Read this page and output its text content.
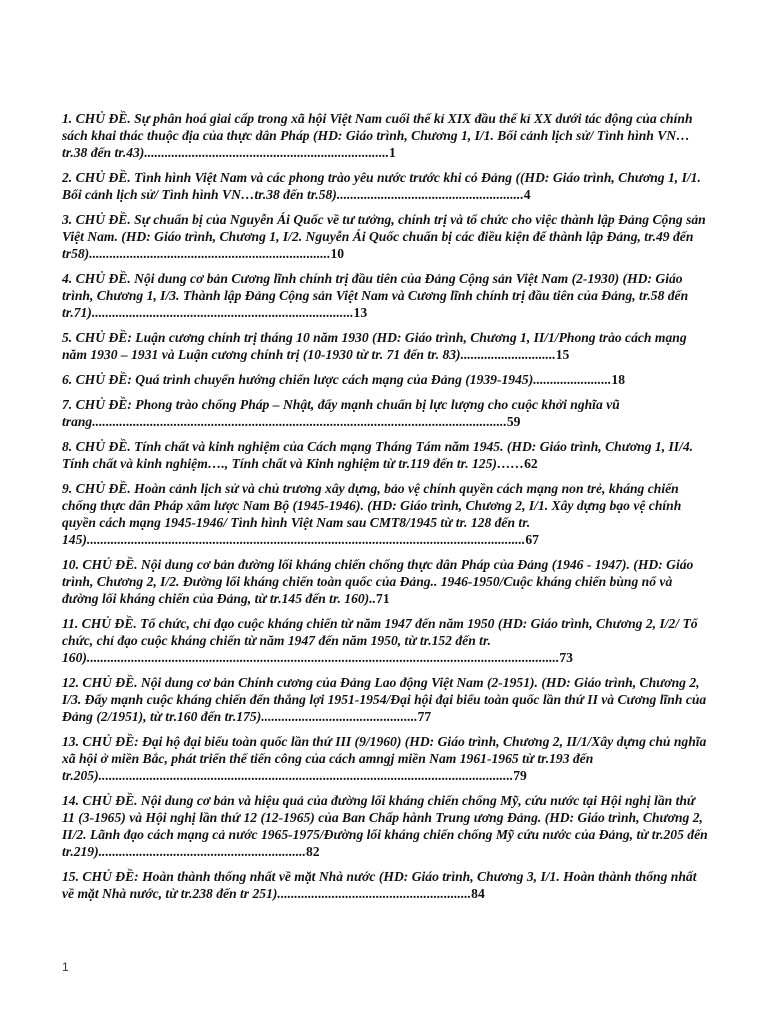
1. CHỦ ĐỀ. Sự phân hoá giai cấp trong xã hội Việt Nam cuối thế kỉ XIX đầu thế kỉ XX dưới tác động của chính sách khai thác thuộc địa của thực dân Pháp (HD: Giáo trình, Chương 1, I/1. Bối cảnh lịch sử/ Tình hình VN…tr.38 đến tr.43)........................................................................1

2. CHỦ ĐỀ. Tình hình Việt Nam và các phong trào yêu nước trước khi có Đảng ((HD: Giáo trình, Chương 1, I/1. Bối cảnh lịch sử/ Tình hình VN…tr.38 đến tr.58).......................................................4

3. CHỦ ĐỀ. Sự chuẩn bị của Nguyễn Ái Quốc về tư tưởng, chính trị và tổ chức cho việc thành lập Đảng Cộng sản Việt Nam. (HD: Giáo trình, Chương 1, I/2. Nguyễn Ái Quốc chuẩn bị các điều kiện để thành lập Đảng, tr.49 đến tr58).......................................................................10

4. CHỦ ĐỀ. Nội dung cơ bản Cương lĩnh chính trị đầu tiên của Đảng Cộng sản Việt Nam (2-1930) (HD: Giáo trình, Chương 1, I/3. Thành lập Đảng Cộng sản Việt Nam và Cương lĩnh chính trị đầu tiên của Đảng, tr.58 đến tr.71).............................................................................13

5. CHỦ ĐỀ: Luận cương chính trị tháng 10 năm 1930 (HD: Giáo trình, Chương 1, II/1/Phong trào cách mạng năm 1930 – 1931 và Luận cương chính trị (10-1930 từ tr. 71 đến tr. 83)............................15

6. CHỦ ĐỀ: Quá trình chuyển hướng chiến lược cách mạng của Đảng (1939-1945).......................18

7. CHỦ ĐỀ: Phong trào chống Pháp – Nhật, đẩy mạnh chuẩn bị lực lượng cho cuộc khởi nghĩa vũ trang..........................................................................................................................59

8. CHỦ ĐỀ. Tính chất và kinh nghiệm của Cách mạng Tháng Tám năm 1945. (HD: Giáo trình, Chương 1, II/4. Tính chất và kinh nghiệm…., Tính chất và Kinh nghiệm từ tr.119 đến tr. 125)……62

9. CHỦ ĐỀ. Hoàn cảnh lịch sử và chủ trương xây dựng, bảo vệ chính quyền cách mạng non trẻ, kháng chiến chống thực dân Pháp xâm lược Nam Bộ (1945-1946). (HD: Giáo trình, Chương 2, I/1. Xây dựng bạo vệ chính quyền cách mạng 1945-1946/ Tình hình Việt Nam sau CMT8/1945 từ tr. 128 đến tr. 145).................................................................................................................................67

10. CHỦ ĐỀ. Nội dung cơ bản đường lối kháng chiến chống thực dân Pháp của Đảng (1946 - 1947). (HD: Giáo trình, Chương 2, I/2. Đường lối kháng chiến toàn quốc của Đảng.. 1946-1950/Cuộc kháng chiến bùng nổ và đường lối kháng chiến của Đảng, từ tr.145 đến tr. 160)..71

11. CHỦ ĐỀ. Tổ chức, chỉ đạo cuộc kháng chiến từ năm 1947 đến năm 1950 (HD: Giáo trình, Chương 2, I/2/ Tổ chức, chỉ đạo cuộc kháng chiến từ năm 1947 đến năm 1950, từ tr.152 đến tr. 160)...........................................................................................................................................73

12. CHỦ ĐỀ. Nội dung cơ bản Chính cương của Đảng Lao động Việt Nam (2-1951). (HD: Giáo trình, Chương 2, I/3. Đẩy mạnh cuộc kháng chiến đến thắng lợi 1951-1954/Đại hội đại biểu toàn quốc lần thứ II và Cương lĩnh của Đảng (2/1951), từ tr.160 đến tr.175)..............................................77

13. CHỦ ĐỀ: Đại hộ đại biểu toàn quốc lần thứ III (9/1960) (HD: Giáo trình, Chương 2, II/1/Xây dựng chủ nghĩa xã hội ở miền Bắc, phát triển thế tiến công của cách amngj miền Nam 1961-1965 từ tr.193 đến tr.205)..........................................................................................................................79

14. CHỦ ĐỀ. Nội dung cơ bản và hiệu quả của đường lối kháng chiến chống Mỹ, cứu nước tại Hội nghị lần thứ 11 (3-1965) và Hội nghị lần thứ 12 (12-1965) của Ban Chấp hành Trung ương Đảng. (HD: Giáo trình, Chương 2, II/2. Lãnh đạo cách mạng cả nước 1965-1975/Đường lối kháng chiến chống Mỹ cứu nước của Đảng, từ tr.205 đến tr.219).............................................................82

15. CHỦ ĐỀ: Hoàn thành thống nhất về mặt Nhà nước (HD: Giáo trình, Chương 3, I/1. Hoàn thành thống nhất về mặt Nhà nước, từ tr.238 đến tr 251).........................................................84

1
